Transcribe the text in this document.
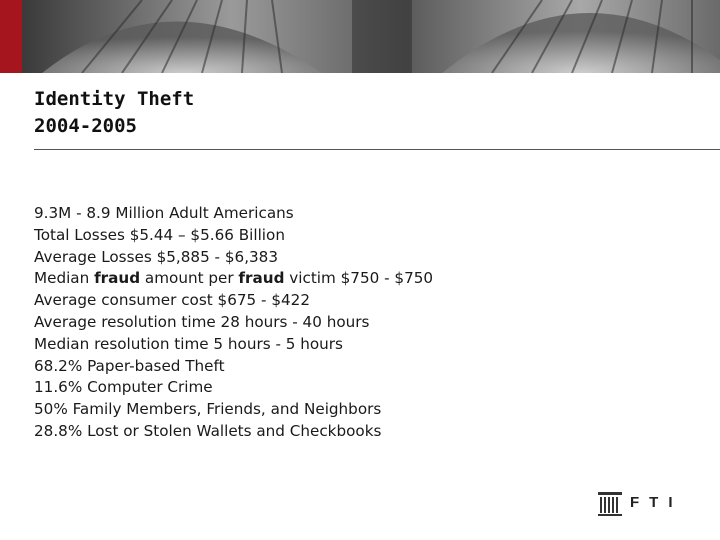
Identity Theft
2004-2005
9.3M - 8.9 Million Adult Americans
Total Losses $5.44 – $5.66 Billion
Average Losses $5,885 - $6,383
Median fraud amount per fraud victim $750 - $750
Average consumer cost $675 - $422
Average resolution time 28 hours - 40 hours
Median resolution time 5 hours - 5 hours
68.2% Paper-based Theft
11.6% Computer Crime
50% Family Members, Friends, and Neighbors
28.8% Lost or Stolen Wallets and Checkbooks
FTI
